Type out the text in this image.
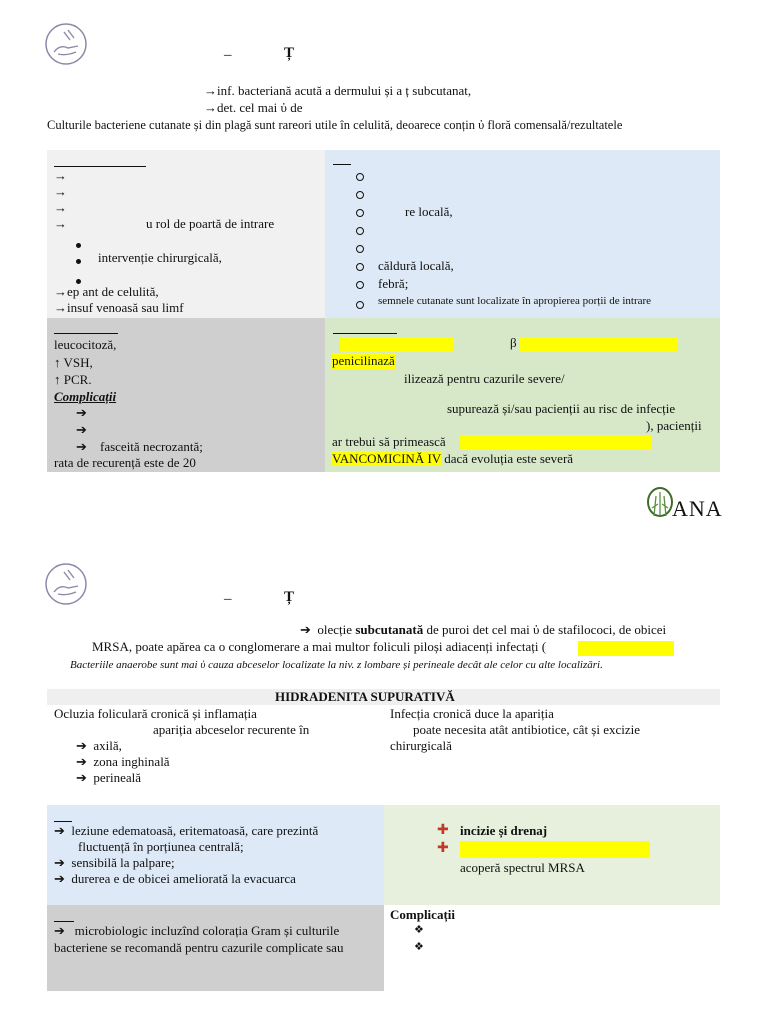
–	Ț
→inf. bacteriană acută a dermului și a ț subcutanat,
→det. cel mai ὐ de
Culturile bacteriene cutanate și din plagă sunt rareori utile în celulită, deoarece conțin ὐ floră comensală/rezultatele
→
→
→
→	u rol de poartă de intrare
intervenție chirurgicală,
→ep ant de celulită,
→insuf venoasă sau limf
re locală,
căldură locală,
febră;
semnele cutanate sunt localizate în apropierea porții de intrare
leucocitoză,
↑ VSH,
↑ PCR.
Complicații
➔
➔
➔ fasceită necrozantă;
rata de recurență este de 20
β
penicilinază
ilizează pentru cazurile severe/
supurează și/sau pacienții au risc de infecție
), pacienții
ar trebui să primească
VANCOMICINĂ IV dacă evoluția este severă
ANA
–	Ț
➔ olecție subcutanată de puroi det cel mai ὐ de stafilococi, de obicei
MRSA, poate apărea ca o conglomerare a mai multor foliculi piloși adiacenți infectați (
Bacteriile anaerobe sunt mai ὐ cauza abceselor localizate la niv. z lombare și perineale decât ale celor cu alte localizări.
HIDRADENITA SUPURATIVĂ
Ocluzia foliculară cronică și inflamația
apariția abceselor recurente în
➔  axilă,
➔  zona inghinală
➔  perineală
Infecția cronică duce la apariția
poate necesita atât antibiotice, cât și excizie
chirurgicală
➔  leziune edematoasă, eritematoasă, care prezintă
fluctuență în porțiunea centrală;
➔  sensibilă la palpare;
➔  durerea e de obicei ameliorată la evacuarca
✚ incizie și drenaj
✚
acoperă spectrul MRSA
➔   microbiologic incluzînd colorația Gram și culturile
bacteriene se recomandă pentru cazurile complicate sau
Complicații
❖
❖
